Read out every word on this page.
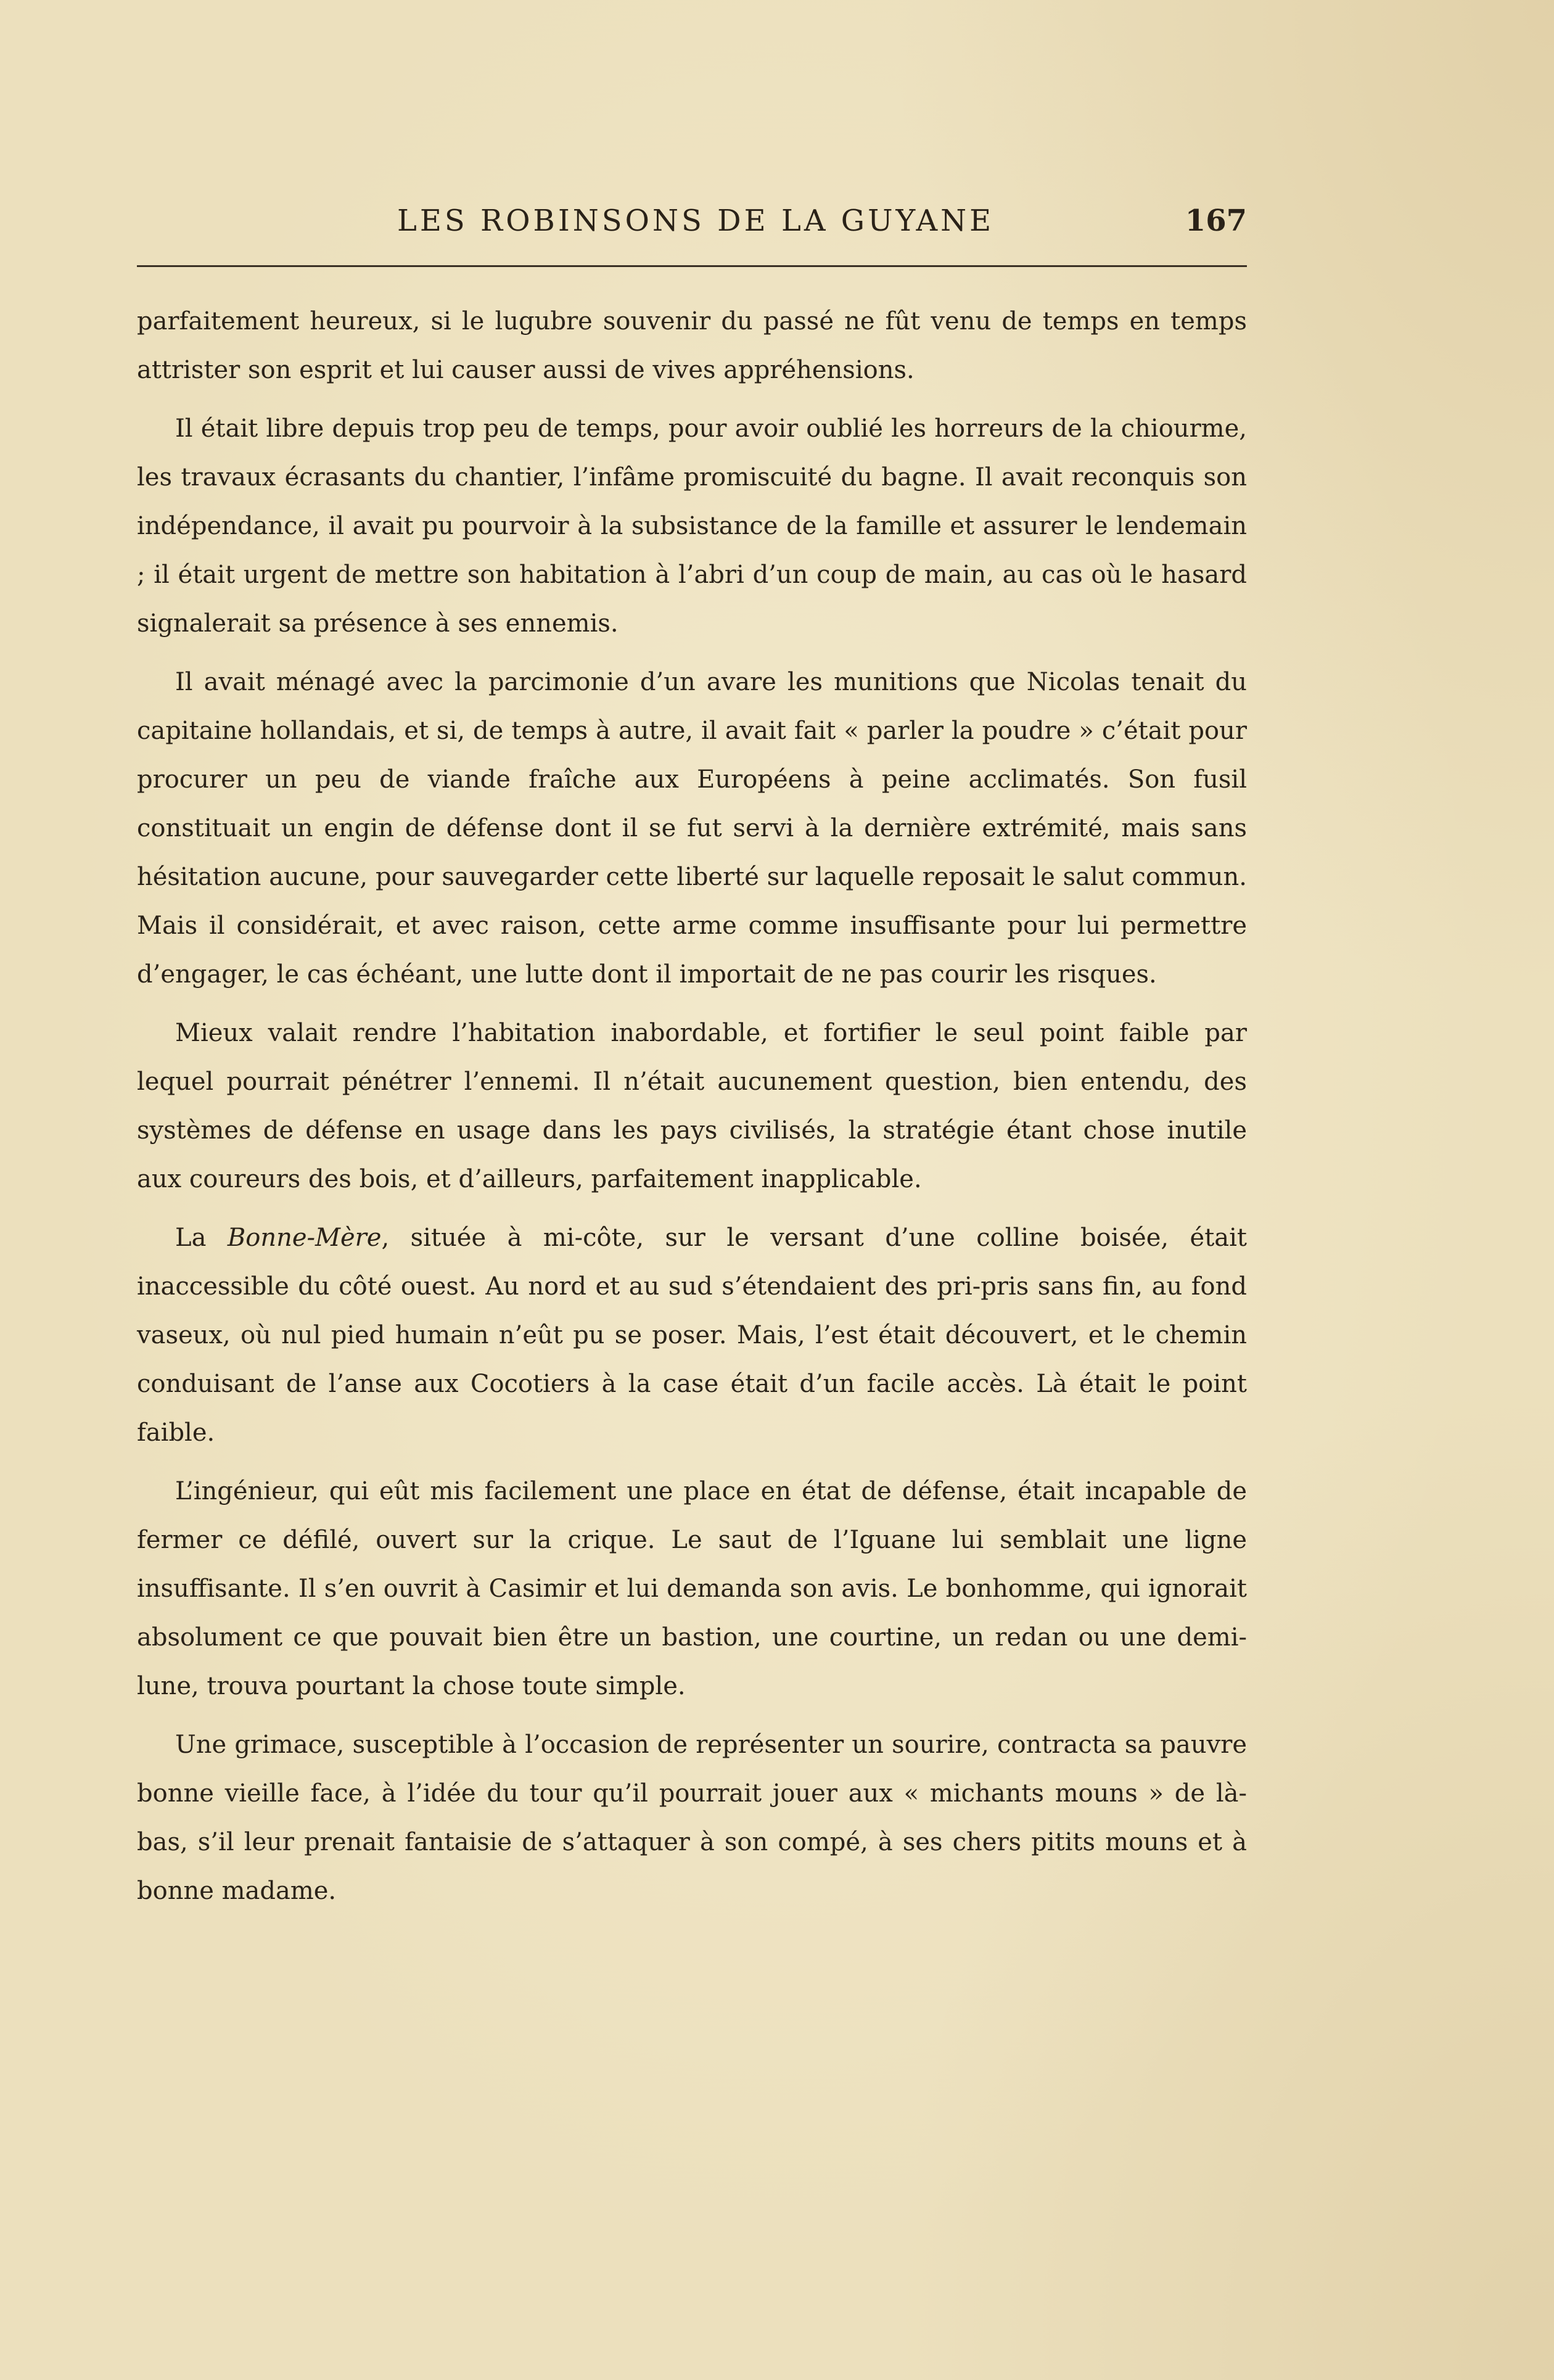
LES ROBINSONS DE LA GUYANE	167

parfaitement heureux, si le lugubre souvenir du passé ne fût venu de temps en temps attrister son esprit et lui causer aussi de vives appréhensions.

Il était libre depuis trop peu de temps, pour avoir oublié les horreurs de la chiourme, les travaux écrasants du chantier, l’infâme promiscuité du bagne. Il avait reconquis son indépendance, il avait pu pourvoir à la subsistance de la famille et assurer le lendemain ; il était urgent de mettre son habitation à l’abri d’un coup de main, au cas où le hasard signalerait sa présence à ses ennemis.

Il avait ménagé avec la parcimonie d’un avare les munitions que Nicolas tenait du capitaine hollandais, et si, de temps à autre, il avait fait « parler la poudre » c’était pour procurer un peu de viande fraîche aux Européens à peine acclimatés. Son fusil constituait un engin de défense dont il se fut servi à la dernière extrémité, mais sans hésitation aucune, pour sauvegarder cette liberté sur laquelle reposait le salut commun. Mais il considérait, et avec raison, cette arme comme insuffisante pour lui permettre d’engager, le cas échéant, une lutte dont il importait de ne pas courir les risques.

Mieux valait rendre l’habitation inabordable, et fortifier le seul point faible par lequel pourrait pénétrer l’ennemi. Il n’était aucunement question, bien entendu, des systèmes de défense en usage dans les pays civilisés, la stratégie étant chose inutile aux coureurs des bois, et d’ailleurs, parfaitement inapplicable.

La Bonne-Mère, située à mi-côte, sur le versant d’une colline boisée, était inaccessible du côté ouest. Au nord et au sud s’étendaient des pri-pris sans fin, au fond vaseux, où nul pied humain n’eût pu se poser. Mais, l’est était découvert, et le chemin conduisant de l’anse aux Cocotiers à la case était d’un facile accès. Là était le point faible.

L’ingénieur, qui eût mis facilement une place en état de défense, était incapable de fermer ce défilé, ouvert sur la crique. Le saut de l’Iguane lui semblait une ligne insuffisante. Il s’en ouvrit à Casimir et lui demanda son avis. Le bonhomme, qui ignorait absolument ce que pouvait bien être un bastion, une courtine, un redan ou une demi-lune, trouva pourtant la chose toute simple.

Une grimace, susceptible à l’occasion de représenter un sourire, contracta sa pauvre bonne vieille face, à l’idée du tour qu’il pourrait jouer aux « michants mouns » de là-bas, s’il leur prenait fantaisie de s’attaquer à son compé, à ses chers pitits mouns et à bonne madame.
